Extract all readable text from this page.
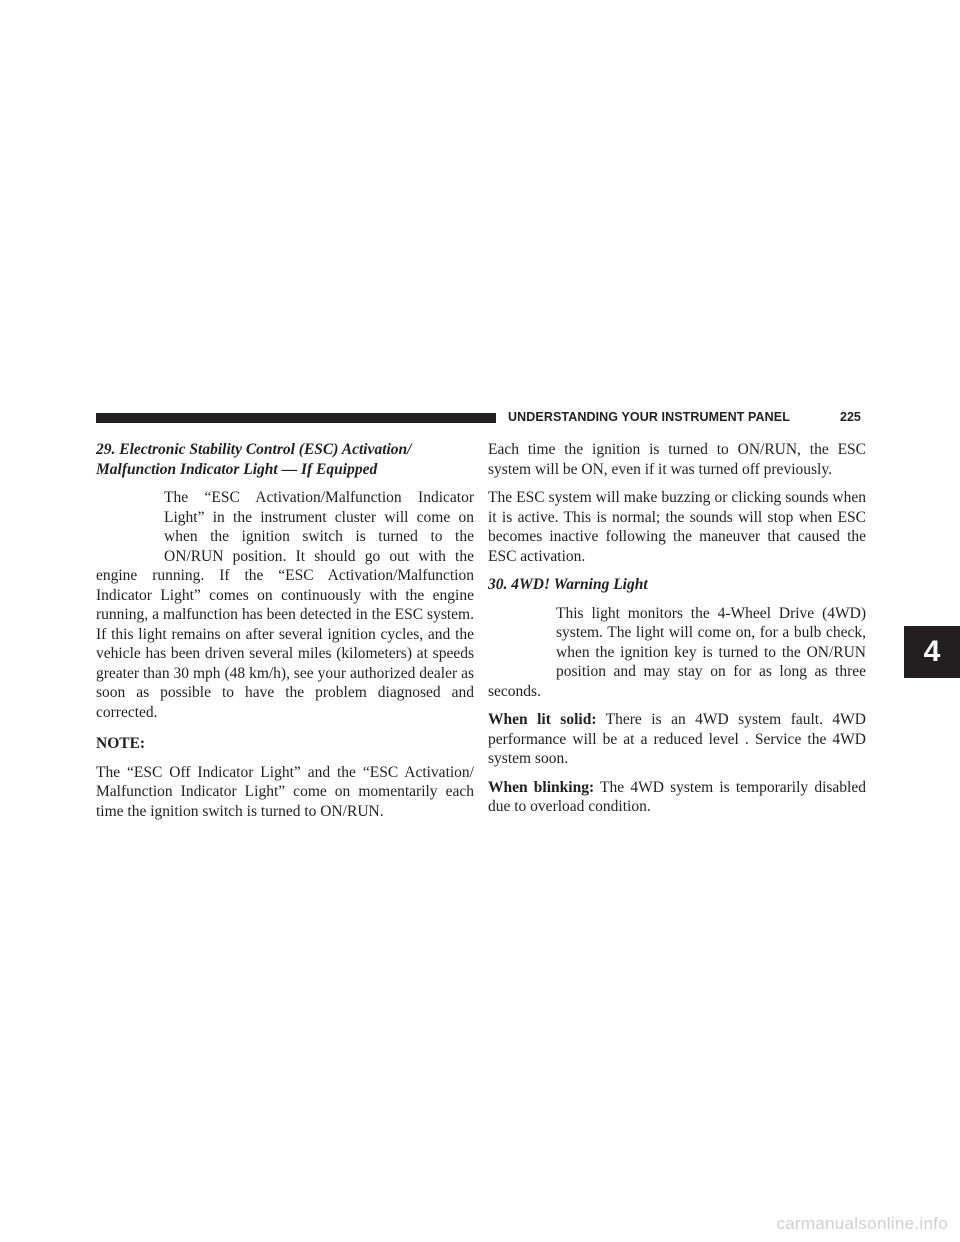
UNDERSTANDING YOUR INSTRUMENT PANEL	225
29. Electronic Stability Control (ESC) Activation/
Malfunction Indicator Light — If Equipped

The “ESC Activation/Malfunction Indicator Light” in the instrument cluster will come on when the ignition switch is turned to the ON/RUN position. It should go out with the engine running. If the “ESC Activation/Malfunction Indicator Light” comes on continuously with the engine running, a malfunction has been detected in the ESC system. If this light remains on after several ignition cycles, and the vehicle has been driven several miles (kilometers) at speeds greater than 30 mph (48 km/h), see your authorized dealer as soon as possible to have the problem diagnosed and corrected.

NOTE:

The “ESC Off Indicator Light” and the “ESC Activation/ Malfunction Indicator Light” come on momentarily each time the ignition switch is turned to ON/RUN.

Each time the ignition is turned to ON/RUN, the ESC system will be ON, even if it was turned off previously.

The ESC system will make buzzing or clicking sounds when it is active. This is normal; the sounds will stop when ESC becomes inactive following the maneuver that caused the ESC activation.

30. 4WD! Warning Light

This light monitors the 4-Wheel Drive (4WD) system. The light will come on, for a bulb check, when the ignition key is turned to the ON/RUN position and may stay on for as long as three seconds.

When lit solid: There is an 4WD system fault. 4WD performance will be at a reduced level . Service the 4WD system soon.

When blinking: The 4WD system is temporarily disabled due to overload condition.

4
carmanualsonline.info
